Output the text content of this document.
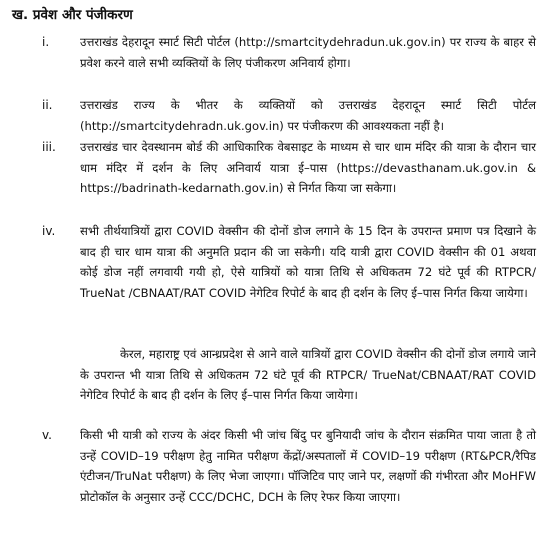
ख. प्रवेश और पंजीकरण
i.	उत्तराखंड देहरादून स्मार्ट सिटी पोर्टल (http://smartcitydehradun.uk.gov.in) पर राज्य के बाहर से प्रवेश करने वाले सभी व्यक्तियों के लिए पंजीकरण अनिवार्य होगा।
ii.	उत्तराखंड राज्य के भीतर के व्यक्तियों को उत्तराखंड देहरादून स्मार्ट सिटी पोर्टल (http://smartcitydehradn.uk.gov.in) पर पंजीकरण की आवश्यकता नहीं है।
iii.	उत्तराखंड चार देवस्थानम बोर्ड की आधिकारिक वेबसाइट के माध्यम से चार धाम मंदिर की यात्रा के दौरान चार धाम मंदिर में दर्शन के लिए अनिवार्य यात्रा ई–पास (https://devasthanam.uk.gov.in & https://badrinath-kedarnath.gov.in) से निर्गत किया जा सकेगा।
iv.	सभी तीर्थयात्रियों द्वारा COVID वेक्सीन की दोनों डोज लगाने के 15 दिन के उपरान्त प्रमाण पत्र दिखाने के बाद ही चार धाम यात्रा की अनुमति प्रदान की जा सकेगी। यदि यात्री द्वारा COVID वेक्सीन की 01 अथवा कोई डोज नहीं लगवायी गयी हो, ऐसे यात्रियों को यात्रा तिथि से अधिकतम 72 घंटे पूर्व की RTPCR/ TrueNat /CBNAAT/RAT COVID नेगेटिव रिपोर्ट के बाद ही दर्शन के लिए ई–पास निर्गत किया जायेगा।
केरल, महाराष्ट्र एवं आन्ध्रप्रदेश से आने वाले यात्रियों द्वारा COVID वेक्सीन की दोनों डोज लगाये जाने के उपरान्त भी यात्रा तिथि से अधिकतम 72 घंटे पूर्व की RTPCR/ TrueNat/CBNAAT/RAT COVID नेगेटिव रिपोर्ट के बाद ही दर्शन के लिए ई–पास निर्गत किया जायेगा।
v.	किसी भी यात्री को राज्य के अंदर किसी भी जांच बिंदु पर बुनियादी जांच के दौरान संक्रमित पाया जाता है तो उन्हें COVID–19 परीक्षण हेतु नामित परीक्षण केंद्रों/अस्पतालों में COVID–19 परीक्षण (RT&PCR/रैपिड एंटीजन/TruNat परीक्षण) के लिए भेजा जाएगा। पॉजिटिव पाए जाने पर, लक्षणों की गंभीरता और MoHFW प्रोटोकॉल के अनुसार उन्हें CCC/DCHC, DCH के लिए रेफर किया जाएगा।
